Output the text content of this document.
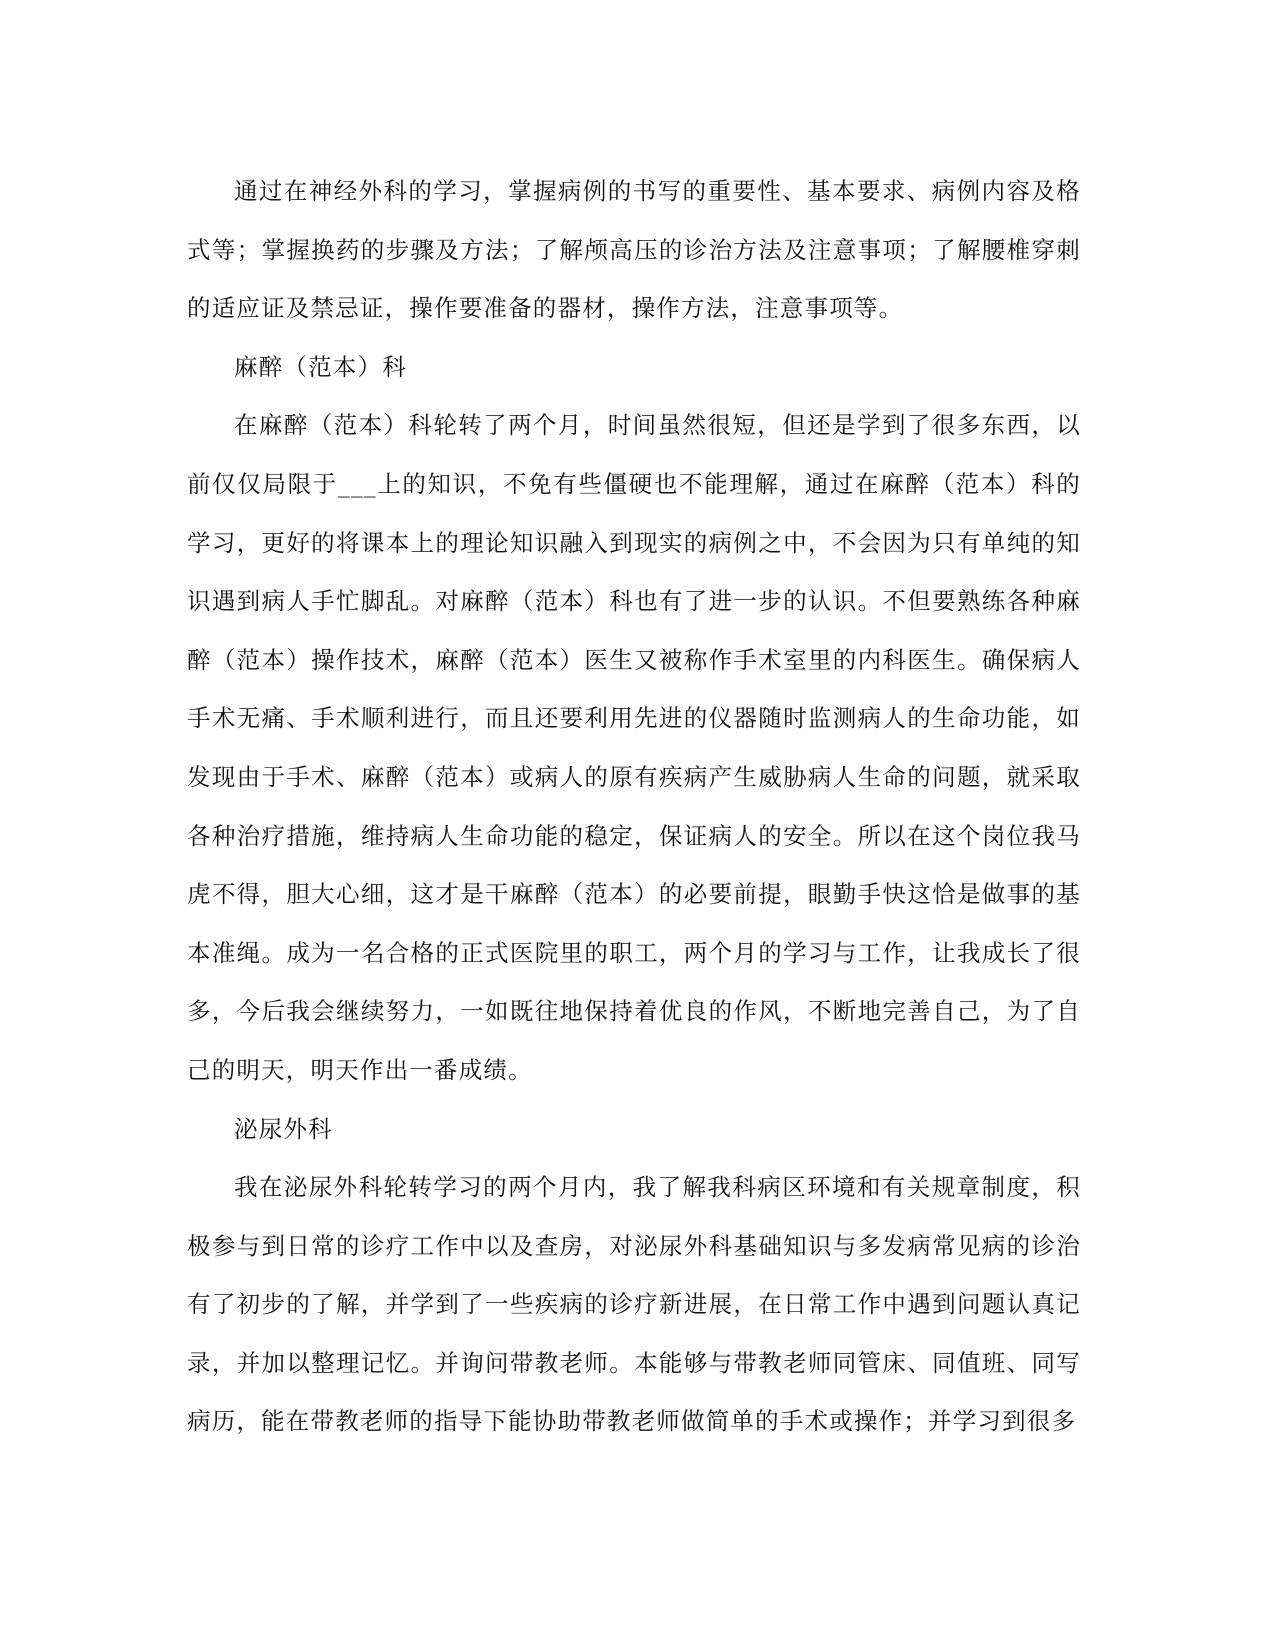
通过在神经外科的学习，掌握病例的书写的重要性、基本要求、病例内容及格式等；掌握换药的步骤及方法；了解颅高压的诊治方法及注意事项；了解腰椎穿刺的适应证及禁忌证，操作要准备的器材，操作方法，注意事项等。

麻醉（范本）科

在麻醉（范本）科轮转了两个月，时间虽然很短，但还是学到了很多东西，以前仅仅局限于___上的知识，不免有些僵硬也不能理解，通过在麻醉（范本）科的学习，更好的将课本上的理论知识融入到现实的病例之中，不会因为只有单纯的知识遇到病人手忙脚乱。对麻醉（范本）科也有了进一步的认识。不但要熟练各种麻醉（范本）操作技术，麻醉（范本）医生又被称作手术室里的内科医生。确保病人手术无痛、手术顺利进行，而且还要利用先进的仪器随时监测病人的生命功能，如发现由于手术、麻醉（范本）或病人的原有疾病产生威胁病人生命的问题，就采取各种治疗措施，维持病人生命功能的稳定，保证病人的安全。所以在这个岗位我马虎不得，胆大心细，这才是干麻醉（范本）的必要前提，眼勤手快这恰是做事的基本准绳。成为一名合格的正式医院里的职工，两个月的学习与工作，让我成长了很多，今后我会继续努力，一如既往地保持着优良的作风，不断地完善自己，为了自己的明天，明天作出一番成绩。

泌尿外科

我在泌尿外科轮转学习的两个月内，我了解我科病区环境和有关规章制度，积极参与到日常的诊疗工作中以及查房，对泌尿外科基础知识与多发病常见病的诊治有了初步的了解，并学到了一些疾病的诊疗新进展，在日常工作中遇到问题认真记录，并加以整理记忆。并询问带教老师。本能够与带教老师同管床、同值班、同写病历，能在带教老师的指导下能协助带教老师做简单的手术或操作；并学习到很多
